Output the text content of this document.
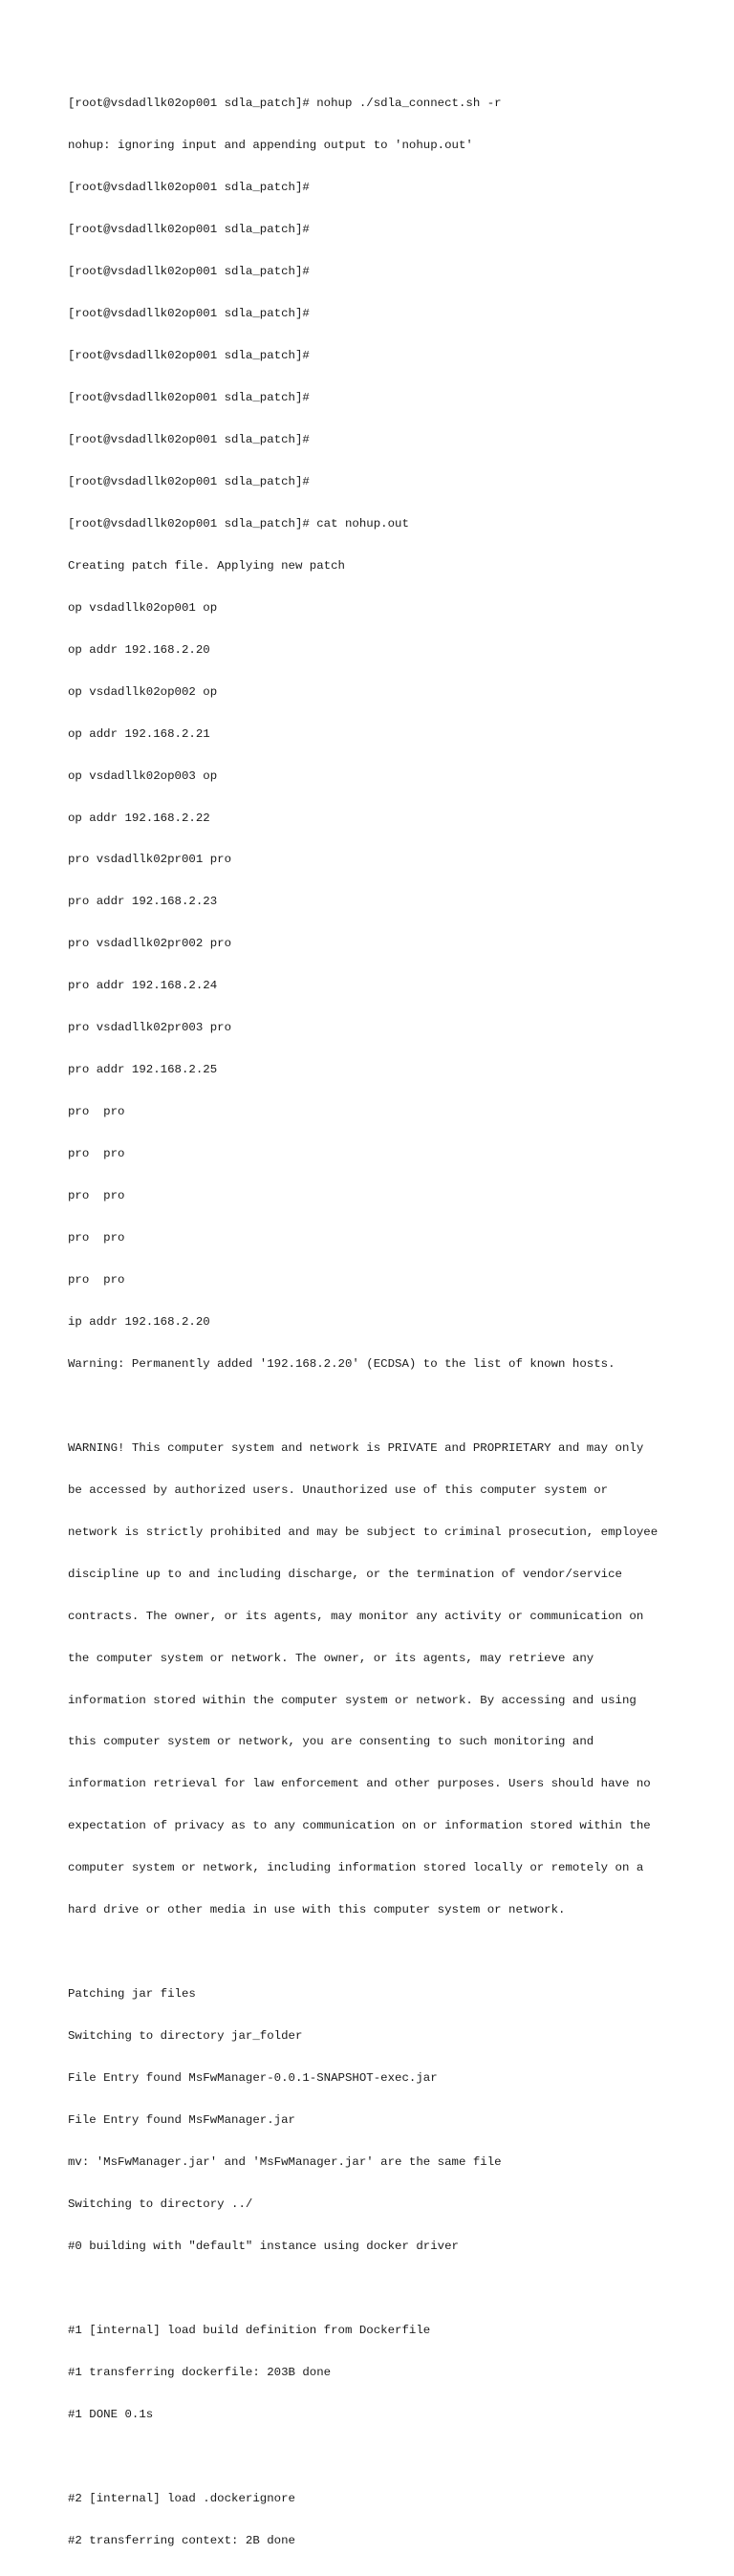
[root@vsdadllk02op001 sdla_patch]# nohup ./sdla_connect.sh -r

nohup: ignoring input and appending output to 'nohup.out'

[root@vsdadllk02op001 sdla_patch]#

[root@vsdadllk02op001 sdla_patch]#

[root@vsdadllk02op001 sdla_patch]#

[root@vsdadllk02op001 sdla_patch]#

[root@vsdadllk02op001 sdla_patch]#

[root@vsdadllk02op001 sdla_patch]#

[root@vsdadllk02op001 sdla_patch]#

[root@vsdadllk02op001 sdla_patch]#

[root@vsdadllk02op001 sdla_patch]# cat nohup.out

Creating patch file. Applying new patch

op vsdadllk02op001 op

op addr 192.168.2.20

op vsdadllk02op002 op

op addr 192.168.2.21

op vsdadllk02op003 op

op addr 192.168.2.22

pro vsdadllk02pr001 pro

pro addr 192.168.2.23

pro vsdadllk02pr002 pro

pro addr 192.168.2.24

pro vsdadllk02pr003 pro

pro addr 192.168.2.25

pro  pro

pro  pro

pro  pro

pro  pro

pro  pro

ip addr 192.168.2.20

Warning: Permanently added '192.168.2.20' (ECDSA) to the list of known hosts.

WARNING! This computer system and network is PRIVATE and PROPRIETARY and may only

be accessed by authorized users. Unauthorized use of this computer system or

network is strictly prohibited and may be subject to criminal prosecution, employee

discipline up to and including discharge, or the termination of vendor/service

contracts. The owner, or its agents, may monitor any activity or communication on

the computer system or network. The owner, or its agents, may retrieve any

information stored within the computer system or network. By accessing and using

this computer system or network, you are consenting to such monitoring and

information retrieval for law enforcement and other purposes. Users should have no

expectation of privacy as to any communication on or information stored within the

computer system or network, including information stored locally or remotely on a

hard drive or other media in use with this computer system or network.

Patching jar files

Switching to directory jar_folder

File Entry found MsFwManager-0.0.1-SNAPSHOT-exec.jar

File Entry found MsFwManager.jar

mv: 'MsFwManager.jar' and 'MsFwManager.jar' are the same file

Switching to directory ../

#0 building with "default" instance using docker driver

#1 [internal] load build definition from Dockerfile

#1 transferring dockerfile: 203B done

#1 DONE 0.1s

#2 [internal] load .dockerignore

#2 transferring context: 2B done
